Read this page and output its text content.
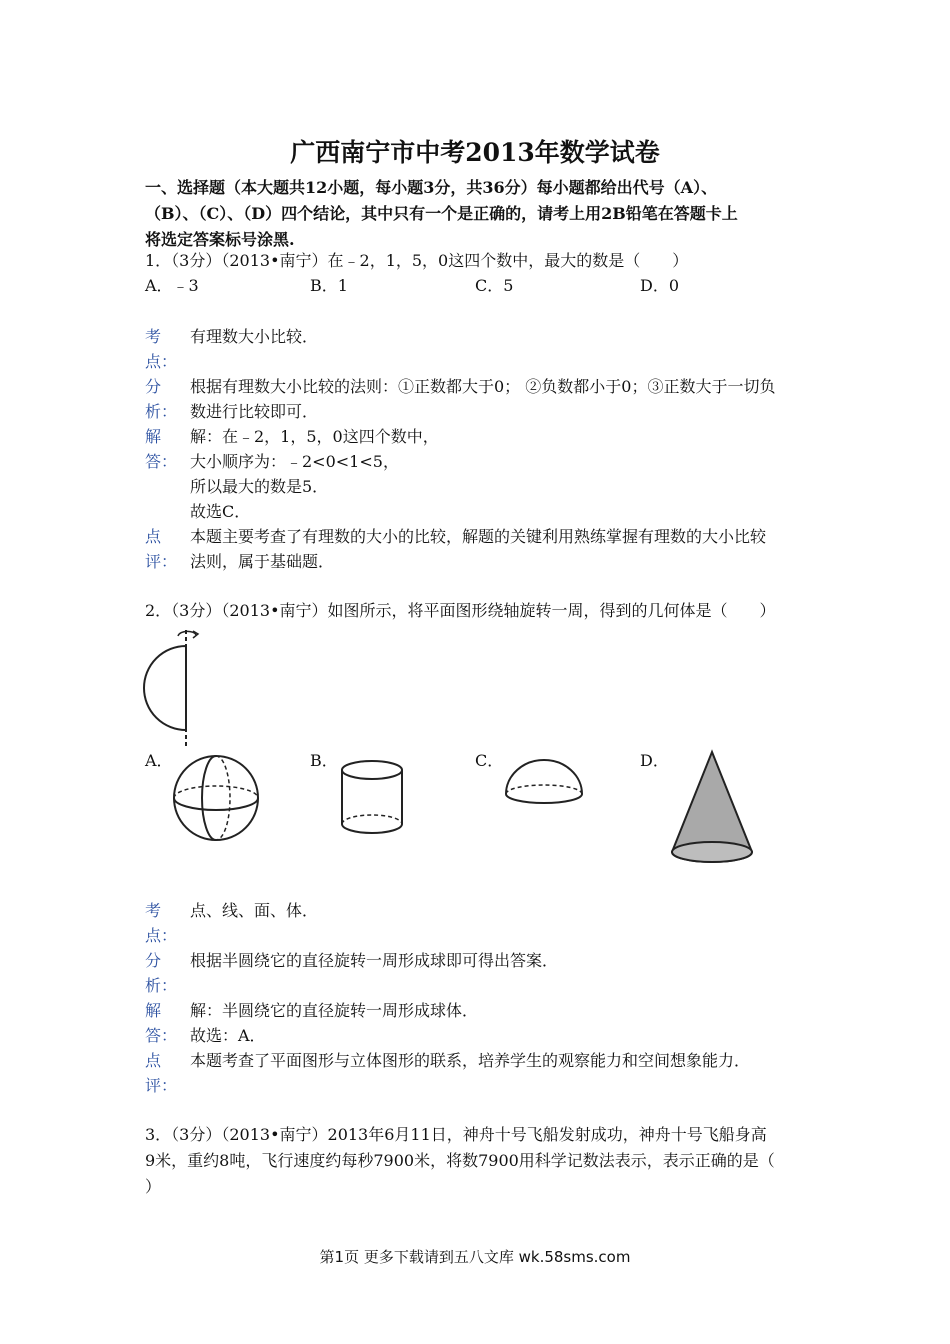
广西南宁市中考2013年数学试卷
一、选择题（本大题共12小题，每小题3分，共36分）每小题都给出代号（A）、
（B）、（C）、（D）四个结论，其中只有一个是正确的，请考上用2B铅笔在答题卡上
将选定答案标号涂黑.
1．（3分）（2013•南宁）在﹣2，1，5，0这四个数中，最大的数是（　　）
A．﹣3	B．1	C．5	D．0
考
点：
有理数大小比较．
分
析：
根据有理数大小比较的法则：①正数都大于0； ②负数都小于0；③正数大于一切负
数进行比较即可．
解
答：
解：在﹣2，1，5，0这四个数中，
大小顺序为：﹣2<0<1<5，
所以最大的数是5．
故选C．
点
评：
本题主要考查了有理数的大小的比较，解题的关键利用熟练掌握有理数的大小比较
法则，属于基础题．
2．（3分）（2013•南宁）如图所示，将平面图形绕轴旋转一周，得到的几何体是（　　）
A．	B．	C．	D．
考
点：
点、线、面、体．
分
析：
根据半圆绕它的直径旋转一周形成球即可得出答案．
解
答：
解：半圆绕它的直径旋转一周形成球体．
故选：A．
点
评：
本题考查了平面图形与立体图形的联系，培养学生的观察能力和空间想象能力．
3．（3分）（2013•南宁）2013年6月11日，神舟十号飞船发射成功，神舟十号飞船身高
9米，重约8吨，飞行速度约每秒7900米，将数7900用科学记数法表示，表示正确的是（
）
第1页 更多下载请到五八文库 wk.58sms.com
